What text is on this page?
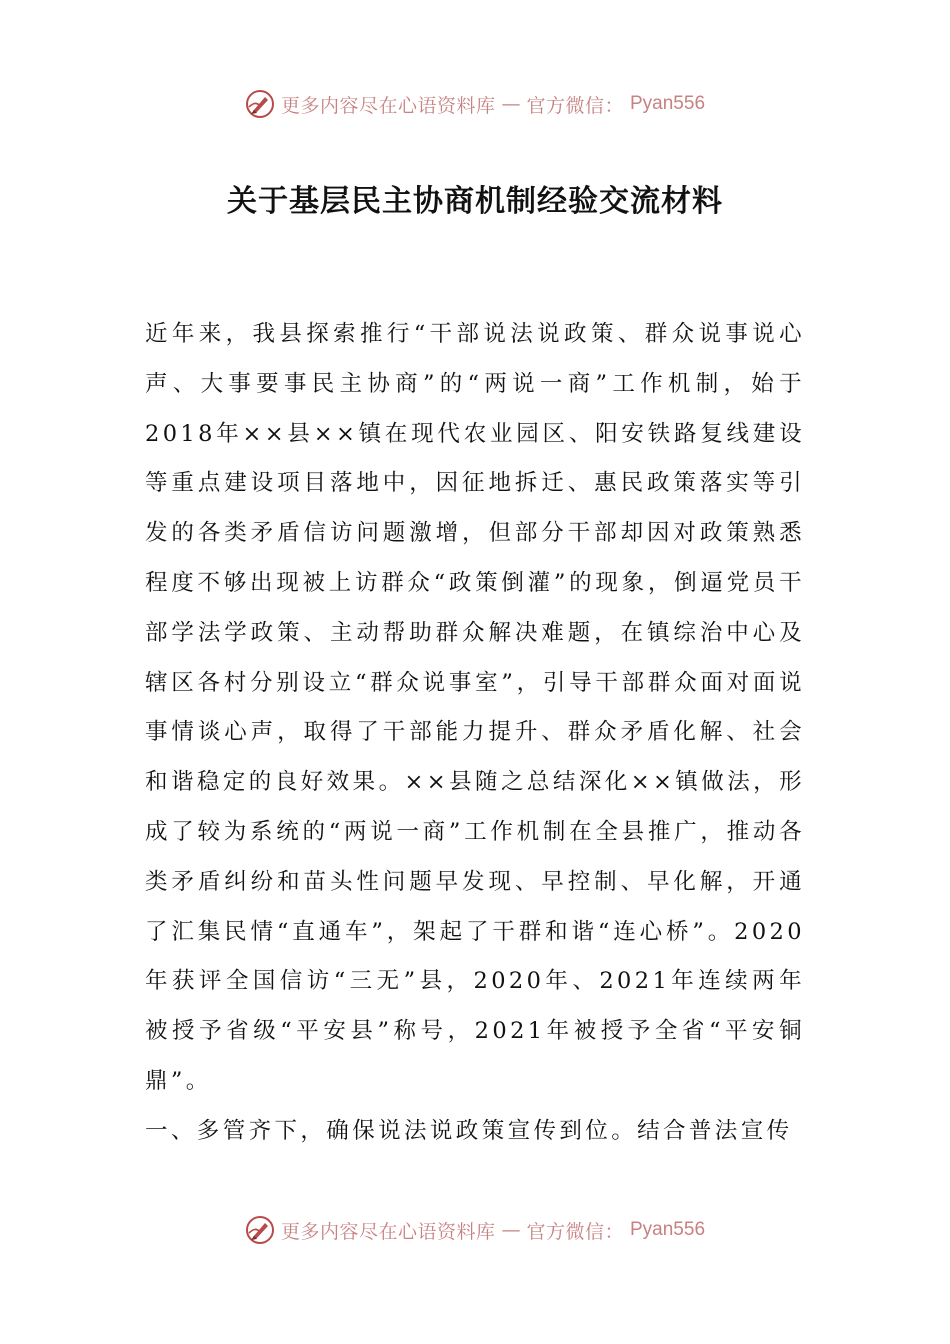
更多内容尽在心语资料库 — 官方微信： Pyan556
关于基层民主协商机制经验交流材料

近年来，我县探索推行“干部说法说政策、群众说事说心声、大事要事民主协商”的“两说一商”工作机制，始于2018年××县××镇在现代农业园区、阳安铁路复线建设等重点建设项目落地中，因征地拆迁、惠民政策落实等引发的各类矛盾信访问题激增，但部分干部却因对政策熟悉程度不够出现被上访群众“政策倒灌”的现象，倒逼党员干部学法学政策、主动帮助群众解决难题，在镇综治中心及辖区各村分别设立“群众说事室”，引导干部群众面对面说事情谈心声，取得了干部能力提升、群众矛盾化解、社会和谐稳定的良好效果。××县随之总结深化××镇做法，形成了较为系统的“两说一商”工作机制在全县推广，推动各类矛盾纠纷和苗头性问题早发现、早控制、早化解，开通了汇集民情“直通车”，架起了干群和谐“连心桥”。2020年获评全国信访“三无”县，2020年、2021年连续两年被授予省级“平安县”称号，2021年被授予全省“平安铜鼎”。

一、多管齐下，确保说法说政策宣传到位。结合普法宣传

更多内容尽在心语资料库 — 官方微信： Pyan556
